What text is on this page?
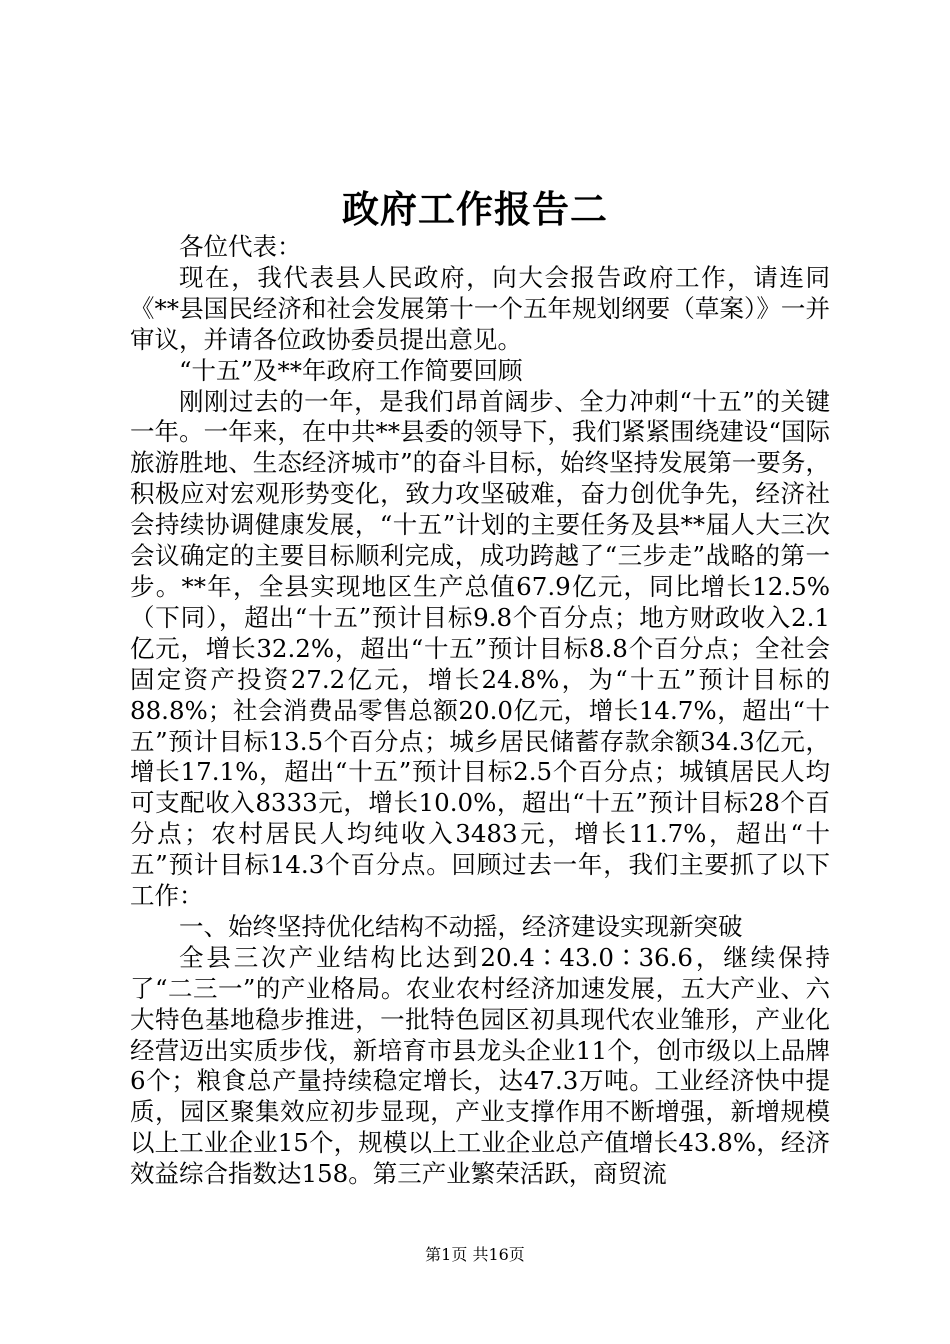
政府工作报告二

各位代表：

现在，我代表县人民政府，向大会报告政府工作，请连同《**县国民经济和社会发展第十一个五年规划纲要（草案）》一并审议，并请各位政协委员提出意见。

“十五”及**年政府工作简要回顾

刚刚过去的一年，是我们昂首阔步、全力冲刺“十五”的关键一年。一年来，在中共**县委的领导下，我们紧紧围绕建设“国际旅游胜地、生态经济城市”的奋斗目标，始终坚持发展第一要务，积极应对宏观形势变化，致力攻坚破难，奋力创优争先，经济社会持续协调健康发展，“十五”计划的主要任务及县**届人大三次会议确定的主要目标顺利完成，成功跨越了“三步走”战略的第一步。**年，全县实现地区生产总值67.9亿元，同比增长12.5%（下同），超出“十五”预计目标9.8个百分点；地方财政收入2.1亿元，增长32.2%，超出“十五”预计目标8.8个百分点；全社会固定资产投资27.2亿元，增长24.8%，为“十五”预计目标的88.8%；社会消费品零售总额20.0亿元，增长14.7%，超出“十五”预计目标13.5个百分点；城乡居民储蓄存款余额34.3亿元，增长17.1%，超出“十五”预计目标2.5个百分点；城镇居民人均可支配收入8333元，增长10.0%，超出“十五”预计目标28个百分点；农村居民人均纯收入3483元，增长11.7%，超出“十五”预计目标14.3个百分点。回顾过去一年，我们主要抓了以下工作：

一、始终坚持优化结构不动摇，经济建设实现新突破

全县三次产业结构比达到20.4∶43.0∶36.6，继续保持了“二三一”的产业格局。农业农村经济加速发展，五大产业、六大特色基地稳步推进，一批特色园区初具现代农业雏形，产业化经营迈出实质步伐，新培育市县龙头企业11个，创市级以上品牌6个；粮食总产量持续稳定增长，达47.3万吨。工业经济快中提质，园区聚集效应初步显现，产业支撑作用不断增强，新增规模以上工业企业15个，规模以上工业企业总产值增长43.8%，经济效益综合指数达158。第三产业繁荣活跃，商贸流

第1页 共16页
